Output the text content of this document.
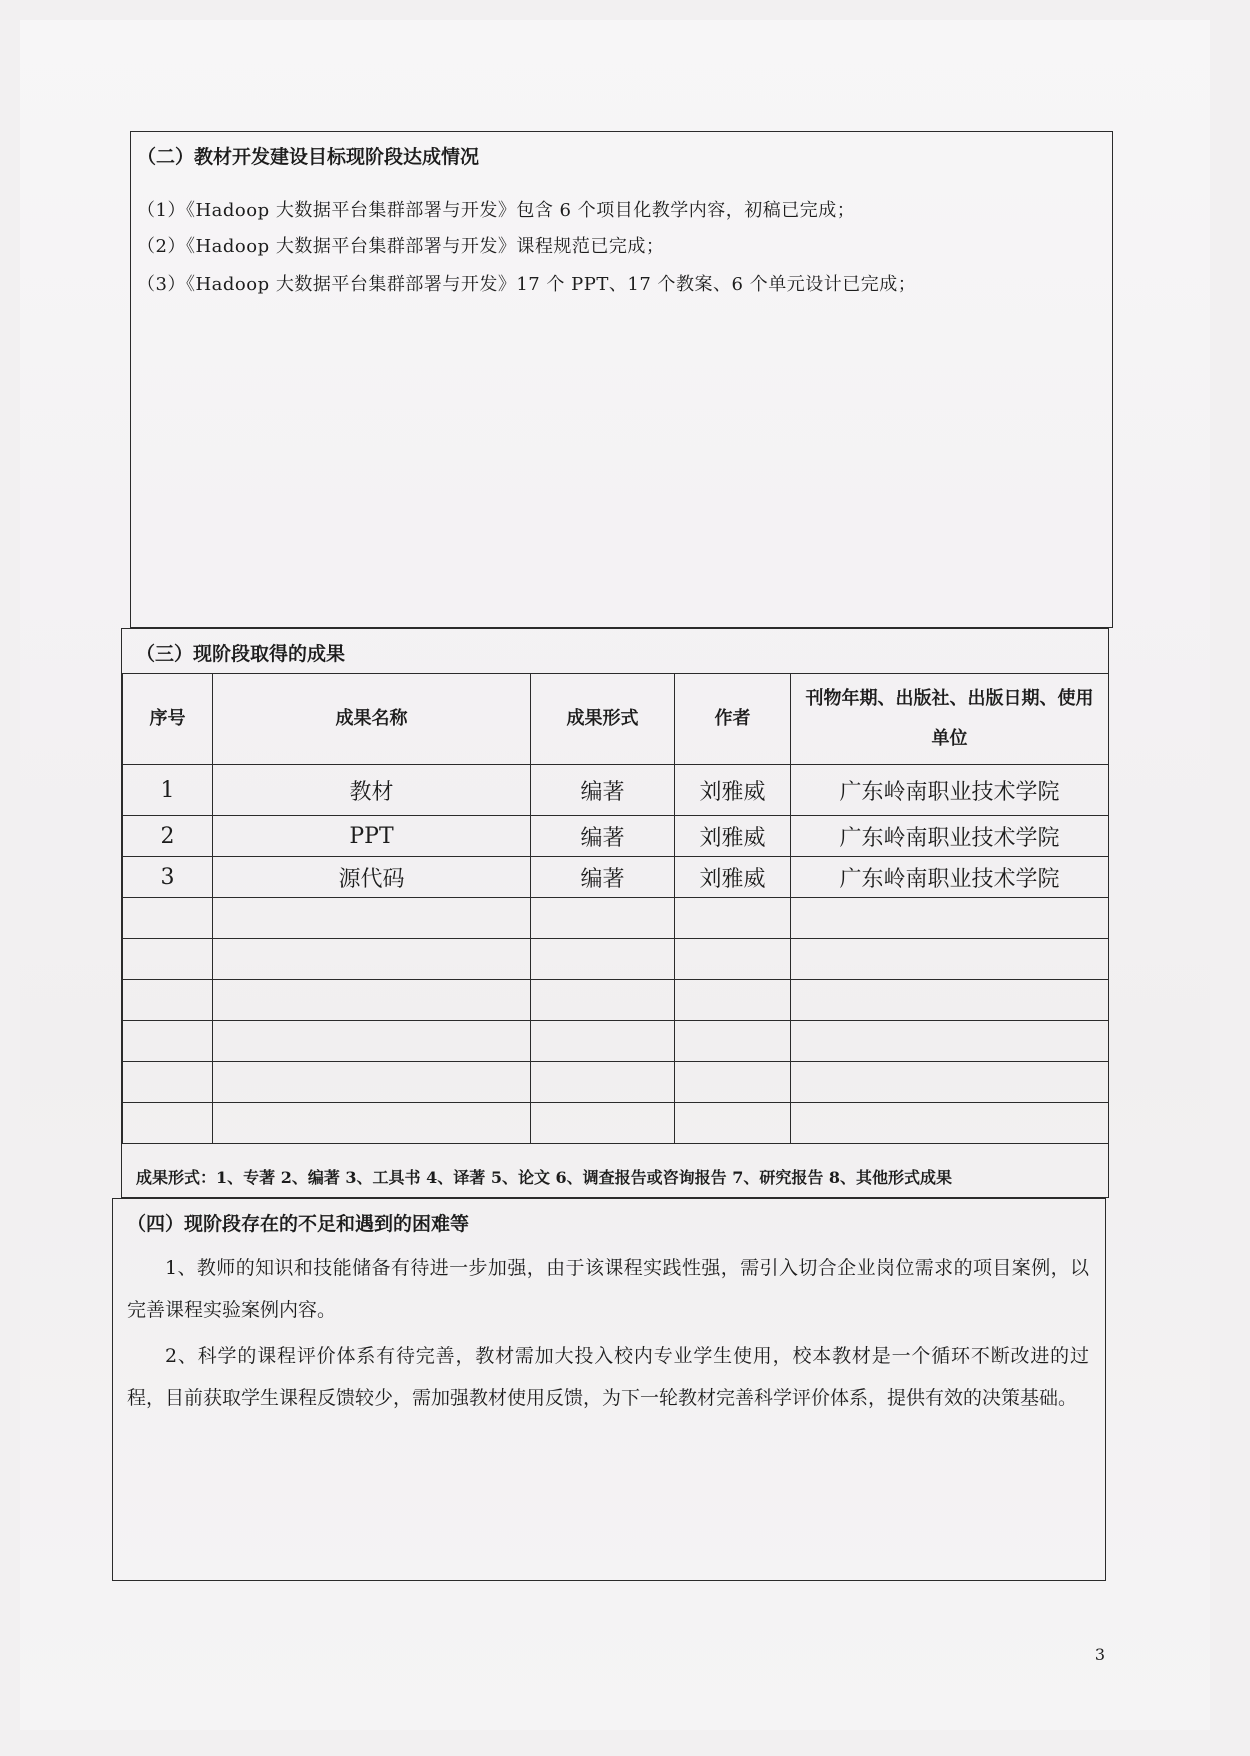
（二）教材开发建设目标现阶段达成情况
（1）《Hadoop 大数据平台集群部署与开发》包含 6 个项目化教学内容，初稿已完成；
（2）《Hadoop 大数据平台集群部署与开发》课程规范已完成；
（3）《Hadoop 大数据平台集群部署与开发》17 个 PPT、17 个教案、6 个单元设计已完成；
（三）现阶段取得的成果
序号	成果名称	成果形式	作者	刊物年期、出版社、出版日期、使用单位
1	教材	编著	刘雅威	广东岭南职业技术学院
2	PPT	编著	刘雅威	广东岭南职业技术学院
3	源代码	编著	刘雅威	广东岭南职业技术学院

成果形式：1、专著 2、编著 3、工具书 4、译著 5、论文 6、调查报告或咨询报告 7、研究报告 8、其他形式成果
（四）现阶段存在的不足和遇到的困难等
1、教师的知识和技能储备有待进一步加强，由于该课程实践性强，需引入切合企业岗位需求的项目案例，以完善课程实验案例内容。
2、科学的课程评价体系有待完善，教材需加大投入校内专业学生使用，校本教材是一个循环不断改进的过程，目前获取学生课程反馈较少，需加强教材使用反馈，为下一轮教材完善科学评价体系，提供有效的决策基础。
3
